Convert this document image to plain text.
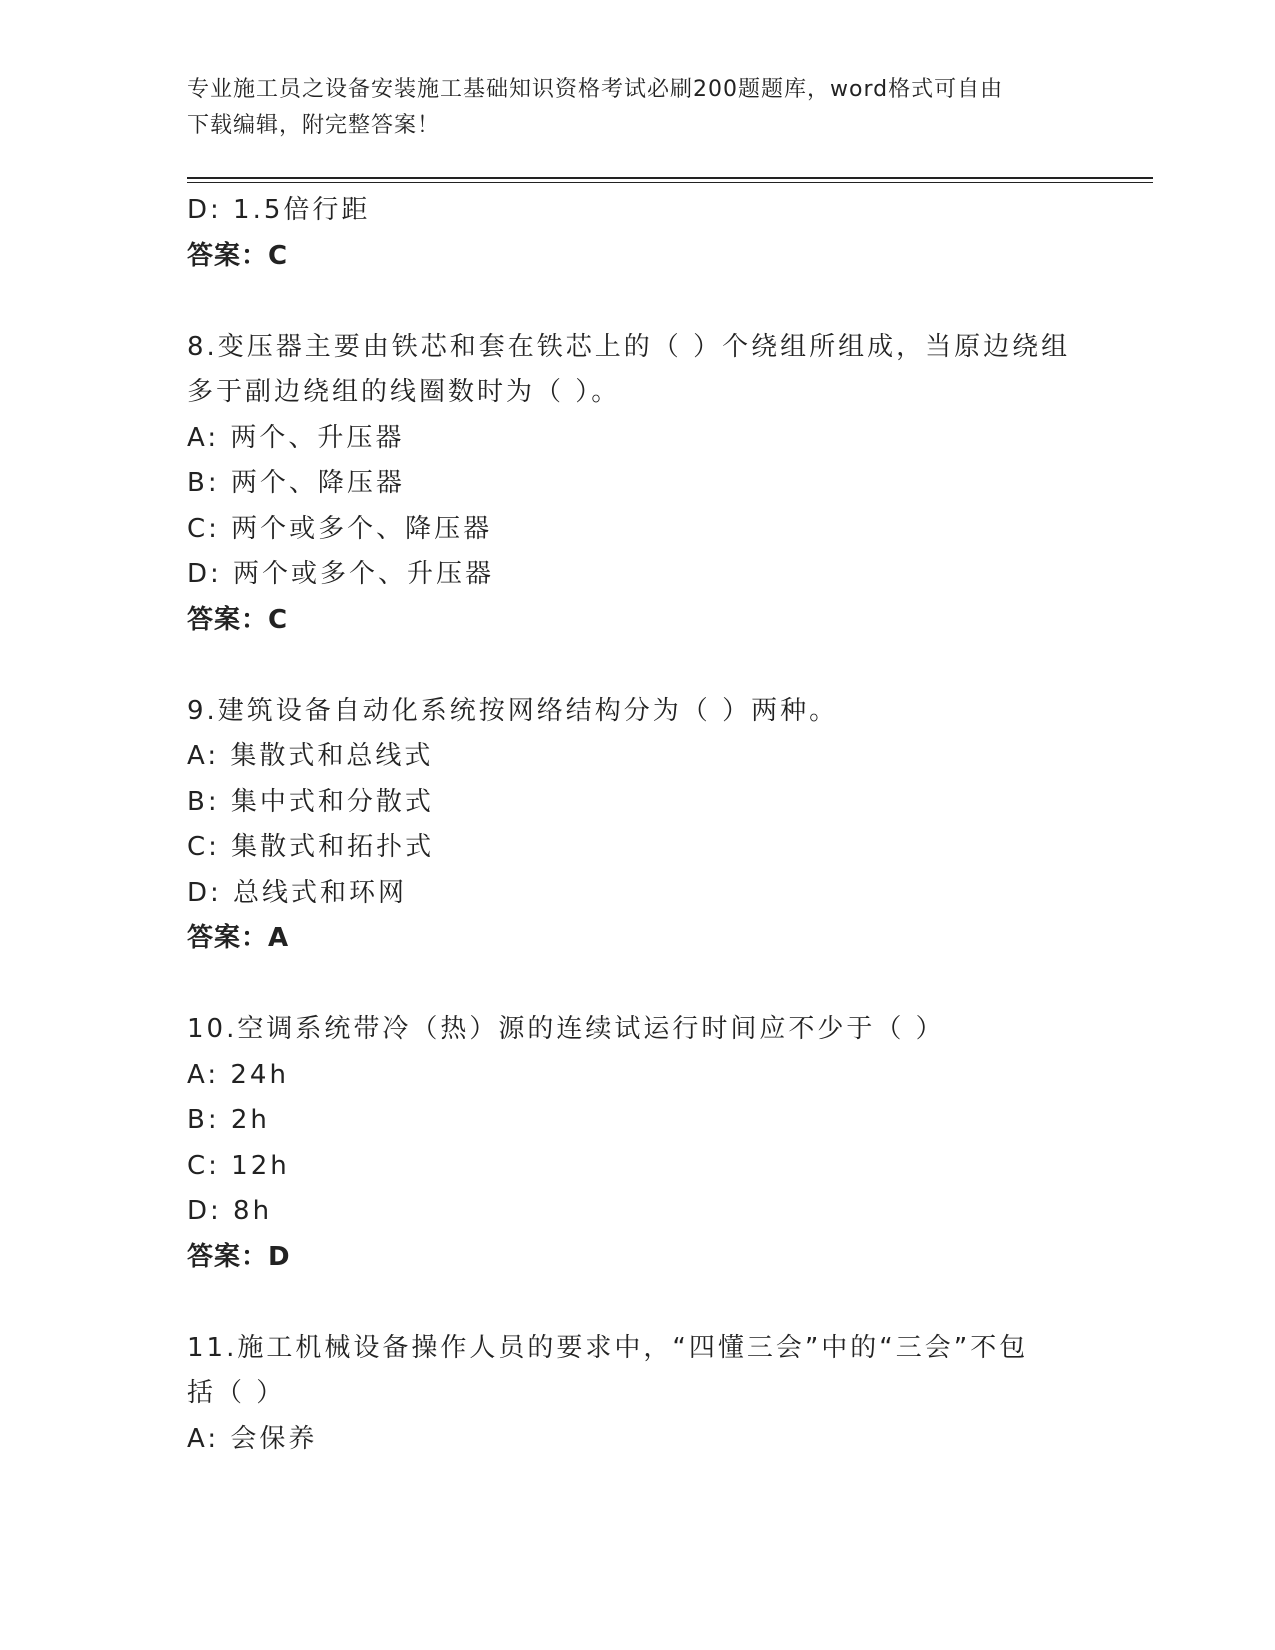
专业施工员之设备安装施工基础知识资格考试必刷200题题库，word格式可自由
下载编辑，附完整答案！
D: 1.5倍行距
答案：C
8.变压器主要由铁芯和套在铁芯上的（ ）个绕组所组成，当原边绕组
多于副边绕组的线圈数时为（ ）。
A: 两个、升压器
B: 两个、降压器
C: 两个或多个、降压器
D: 两个或多个、升压器
答案：C
9.建筑设备自动化系统按网络结构分为（ ）两种。
A: 集散式和总线式
B: 集中式和分散式
C: 集散式和拓扑式
D: 总线式和环网
答案：A
10.空调系统带冷（热）源的连续试运行时间应不少于（ ）
A: 24h
B: 2h
C: 12h
D: 8h
答案：D
11.施工机械设备操作人员的要求中，“四懂三会”中的“三会”不包
括（ ）
A: 会保养
